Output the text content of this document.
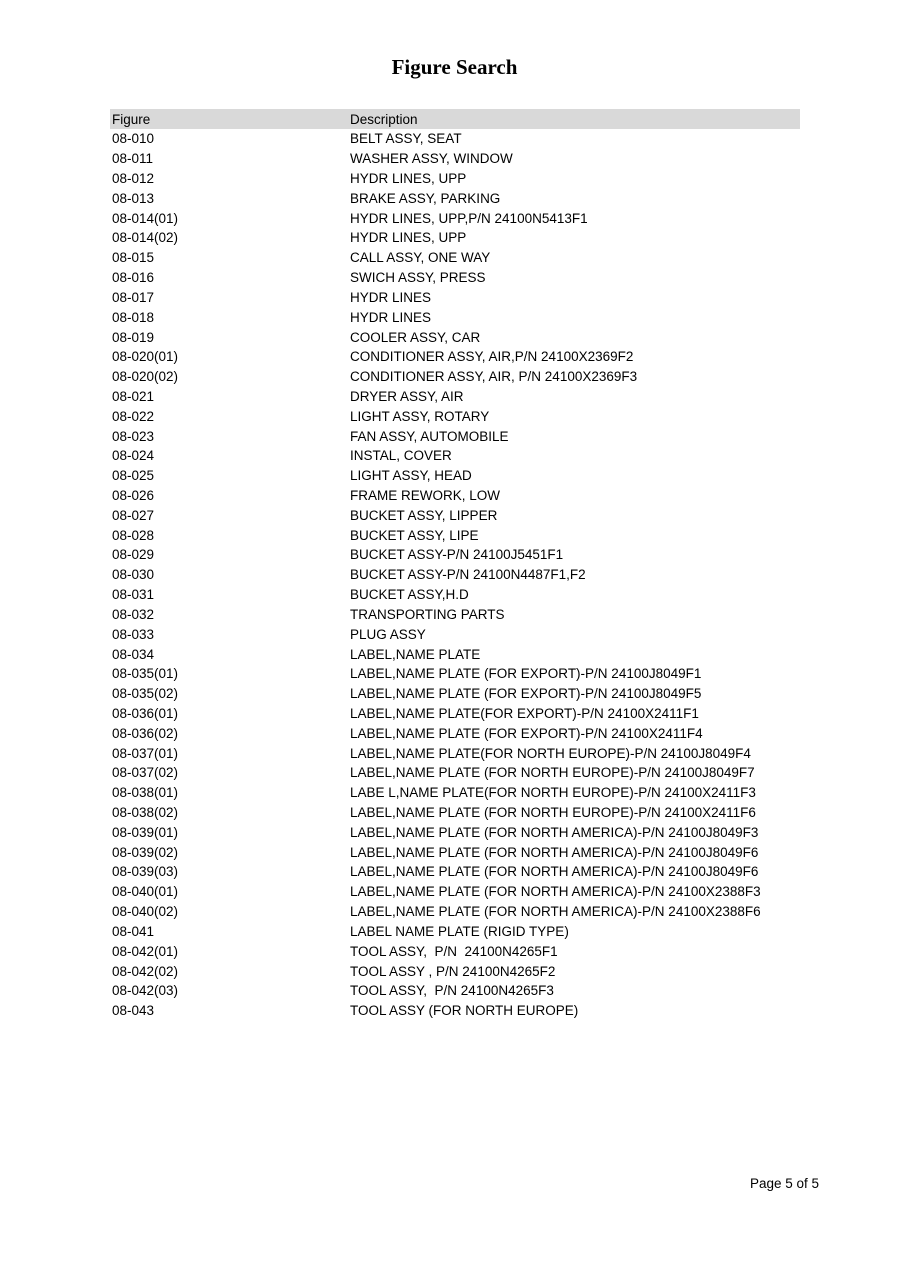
Figure Search
Figure	Description
08-010	BELT ASSY, SEAT
08-011	WASHER ASSY, WINDOW
08-012	HYDR LINES, UPP
08-013	BRAKE ASSY, PARKING
08-014(01)	HYDR LINES, UPP,P/N 24100N5413F1
08-014(02)	HYDR LINES, UPP
08-015	CALL ASSY, ONE WAY
08-016	SWICH ASSY, PRESS
08-017	HYDR LINES
08-018	HYDR LINES
08-019	COOLER ASSY, CAR
08-020(01)	CONDITIONER ASSY, AIR,P/N 24100X2369F2
08-020(02)	CONDITIONER ASSY, AIR, P/N 24100X2369F3
08-021	DRYER ASSY, AIR
08-022	LIGHT ASSY, ROTARY
08-023	FAN ASSY, AUTOMOBILE
08-024	INSTAL, COVER
08-025	LIGHT ASSY, HEAD
08-026	FRAME REWORK, LOW
08-027	BUCKET ASSY, LIPPER
08-028	BUCKET ASSY, LIPE
08-029	BUCKET ASSY-P/N 24100J5451F1
08-030	BUCKET ASSY-P/N 24100N4487F1,F2
08-031	BUCKET ASSY,H.D
08-032	TRANSPORTING PARTS
08-033	PLUG ASSY
08-034	LABEL,NAME PLATE
08-035(01)	LABEL,NAME PLATE (FOR EXPORT)-P/N 24100J8049F1
08-035(02)	LABEL,NAME PLATE (FOR EXPORT)-P/N 24100J8049F5
08-036(01)	LABEL,NAME PLATE(FOR EXPORT)-P/N 24100X2411F1
08-036(02)	LABEL,NAME PLATE (FOR EXPORT)-P/N 24100X2411F4
08-037(01)	LABEL,NAME PLATE(FOR NORTH EUROPE)-P/N 24100J8049F4
08-037(02)	LABEL,NAME PLATE (FOR NORTH EUROPE)-P/N 24100J8049F7
08-038(01)	LABE L,NAME PLATE(FOR NORTH EUROPE)-P/N 24100X2411F3
08-038(02)	LABEL,NAME PLATE (FOR NORTH EUROPE)-P/N 24100X2411F6
08-039(01)	LABEL,NAME PLATE (FOR NORTH AMERICA)-P/N 24100J8049F3
08-039(02)	LABEL,NAME PLATE (FOR NORTH AMERICA)-P/N 24100J8049F6
08-039(03)	LABEL,NAME PLATE (FOR NORTH AMERICA)-P/N 24100J8049F6
08-040(01)	LABEL,NAME PLATE (FOR NORTH AMERICA)-P/N 24100X2388F3
08-040(02)	LABEL,NAME PLATE (FOR NORTH AMERICA)-P/N 24100X2388F6
08-041	LABEL NAME PLATE (RIGID TYPE)
08-042(01)	TOOL ASSY,  P/N  24100N4265F1
08-042(02)	TOOL ASSY , P/N 24100N4265F2
08-042(03)	TOOL ASSY,  P/N 24100N4265F3
08-043	TOOL ASSY (FOR NORTH EUROPE)
Page 5 of 5
